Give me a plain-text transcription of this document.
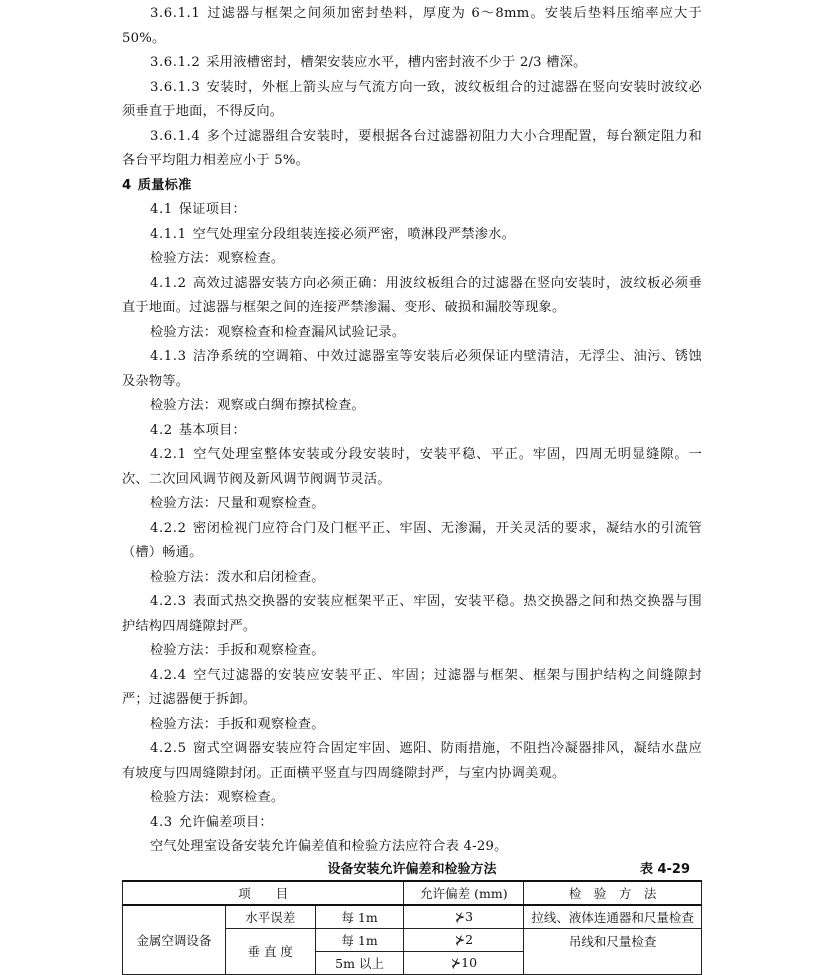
3.6.1.1 过滤器与框架之间须加密封垫料，厚度为 6～8mm。安装后垫料压缩率应大于 50%。

3.6.1.2 采用液槽密封，槽架安装应水平，槽内密封液不少于 2/3 槽深。

3.6.1.3 安装时，外框上箭头应与气流方向一致，波纹板组合的过滤器在竖向安装时波纹必须垂直于地面，不得反向。

3.6.1.4 多个过滤器组合安装时，要根据各台过滤器初阻力大小合理配置，每台额定阻力和各台平均阻力相差应小于 5%。

4 质量标准

4.1 保证项目：

4.1.1 空气处理室分段组装连接必须严密，喷淋段严禁渗水。

检验方法：观察检查。

4.1.2 高效过滤器安装方向必须正确：用波纹板组合的过滤器在竖向安装时，波纹板必须垂直于地面。过滤器与框架之间的连接严禁渗漏、变形、破损和漏胶等现象。

检验方法：观察检查和检查漏风试验记录。

4.1.3 洁净系统的空调箱、中效过滤器室等安装后必须保证内壁清洁，无浮尘、油污、锈蚀及杂物等。

检验方法：观察或白绸布擦拭检查。

4.2 基本项目：

4.2.1 空气处理室整体安装或分段安装时，安装平稳、平正。牢固，四周无明显缝隙。一次、二次回风调节阀及新风调节阀调节灵活。

检验方法：尺量和观察检查。

4.2.2 密闭检视门应符合门及门框平正、牢固、无渗漏，开关灵活的要求，凝结水的引流管（槽）畅通。

检验方法：泼水和启闭检查。

4.2.3 表面式热交换器的安装应框架平正、牢固，安装平稳。热交换器之间和热交换器与围护结构四周缝隙封严。

检验方法：手扳和观察检查。

4.2.4 空气过滤器的安装应安装平正、牢固；过滤器与框架、框架与围护结构之间缝隙封严；过滤器便于拆卸。

检验方法：手扳和观察检查。

设备安装允许偏差和检验方法	表 4-29
项　　目			允许偏差 (mm)	检　验　方　法
金属空调设备	水平误差	每 1m	⊁3	拉线、液体连通器和尺量检查
	垂 直 度	每 1m	⊁2	吊线和尺量检查
		5m 以上	⊁10	

4.2.5 窗式空调器安装应符合固定牢固、遮阳、防雨措施，不阻挡冷凝器排风，凝结水盘应有坡度与四周缝隙封闭。正面横平竖直与四周缝隙封严，与室内协调美观。

检验方法：观察检查。

4.3 允许偏差项目：

空气处理室设备安装允许偏差值和检验方法应符合表 4-29。
